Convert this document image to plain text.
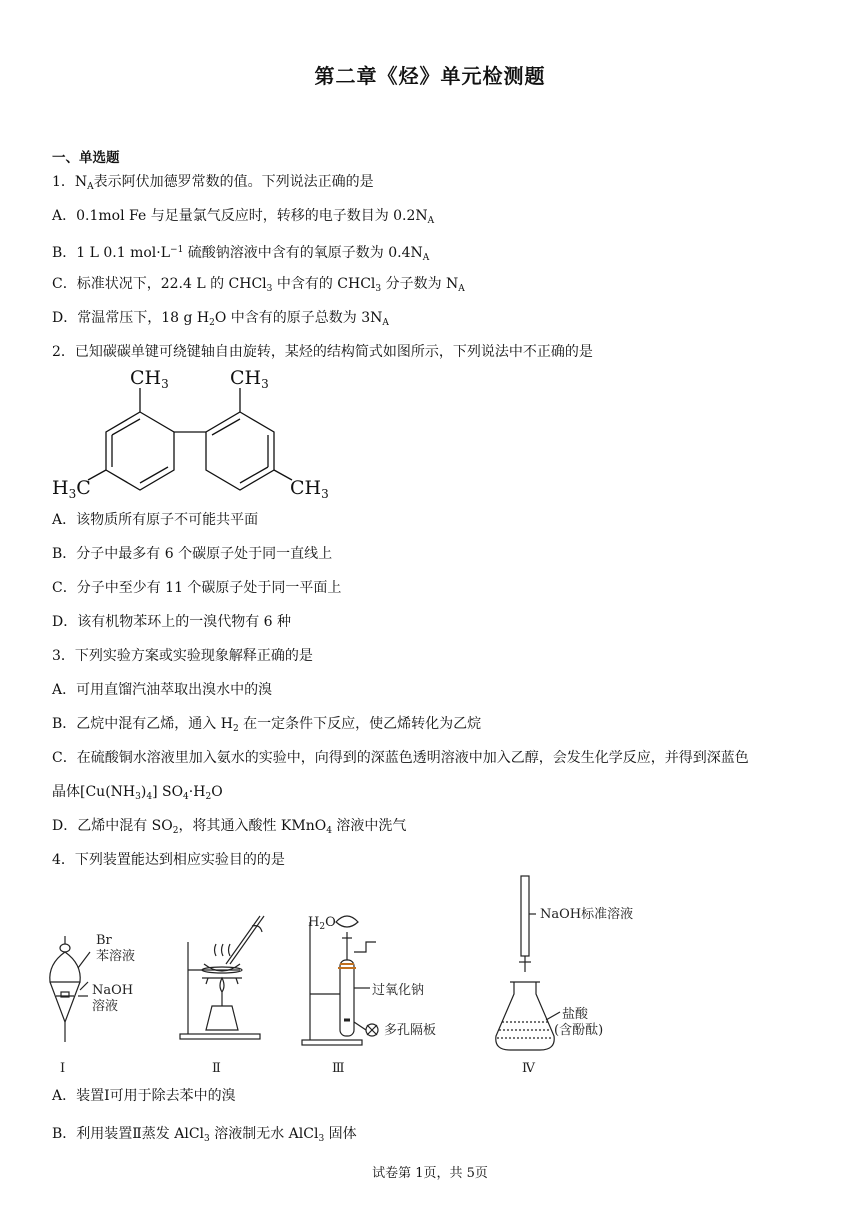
第二章《烃》单元检测题
一、单选题
1．$N_A$表示阿伏加德罗常数的值。下列说法正确的是
A．0.1mol Fe 与足量氯气反应时，转移的电子数目为 $0.2N_A$
B．1 L 0.1 $mol\cdot L^{-1}$ 硫酸钠溶液中含有的氧原子数为 $0.4N_A$
C．标准状况下，22.4 L 的 CHCl$_3$ 中含有的 CHCl$_3$ 分子数为 $N_A$
D．常温常压下，18 g $H_2O$ 中含有的原子总数为 $3N_A$
2．已知碳碳单键可绕键轴自由旋转，某烃的结构简式如图所示，下列说法中不正确的是
$CH_3$	$CH_3$
$H_3C$	$CH_3$
A．该物质所有原子不可能共平面
B．分子中最多有 6 个碳原子处于同一直线上
C．分子中至少有 11 个碳原子处于同一平面上
D．该有机物苯环上的一溴代物有 6 种
3．下列实验方案或实验现象解释正确的是
A．可用直馏汽油萃取出溴水中的溴
B．乙烷中混有乙烯，通入 $H_2$ 在一定条件下反应，使乙烯转化为乙烷
C．在硫酸铜水溶液里加入氨水的实验中，向得到的深蓝色透明溶液中加入乙醇，会发生化学反应，并得到深蓝色
晶体$[Cu(NH_3)_4]$ $SO_4\cdot H_2O$
D．乙烯中混有 $SO_2$，将其通入酸性 KMnO$_4$ 溶液中洗气
4．下列装置能达到相应实验目的的是
Br
苯溶液
NaOH
溶液
$H_2O$
过氧化钠
多孔隔板
NaOH标准溶液
盐酸
(含酚酞)
Ⅰ	Ⅱ	Ⅲ	Ⅳ
A．装置Ⅰ可用于除去苯中的溴
B．利用装置Ⅱ蒸发 AlCl$_3$ 溶液制无水 AlCl$_3$ 固体
试卷第 1页，共 5页
